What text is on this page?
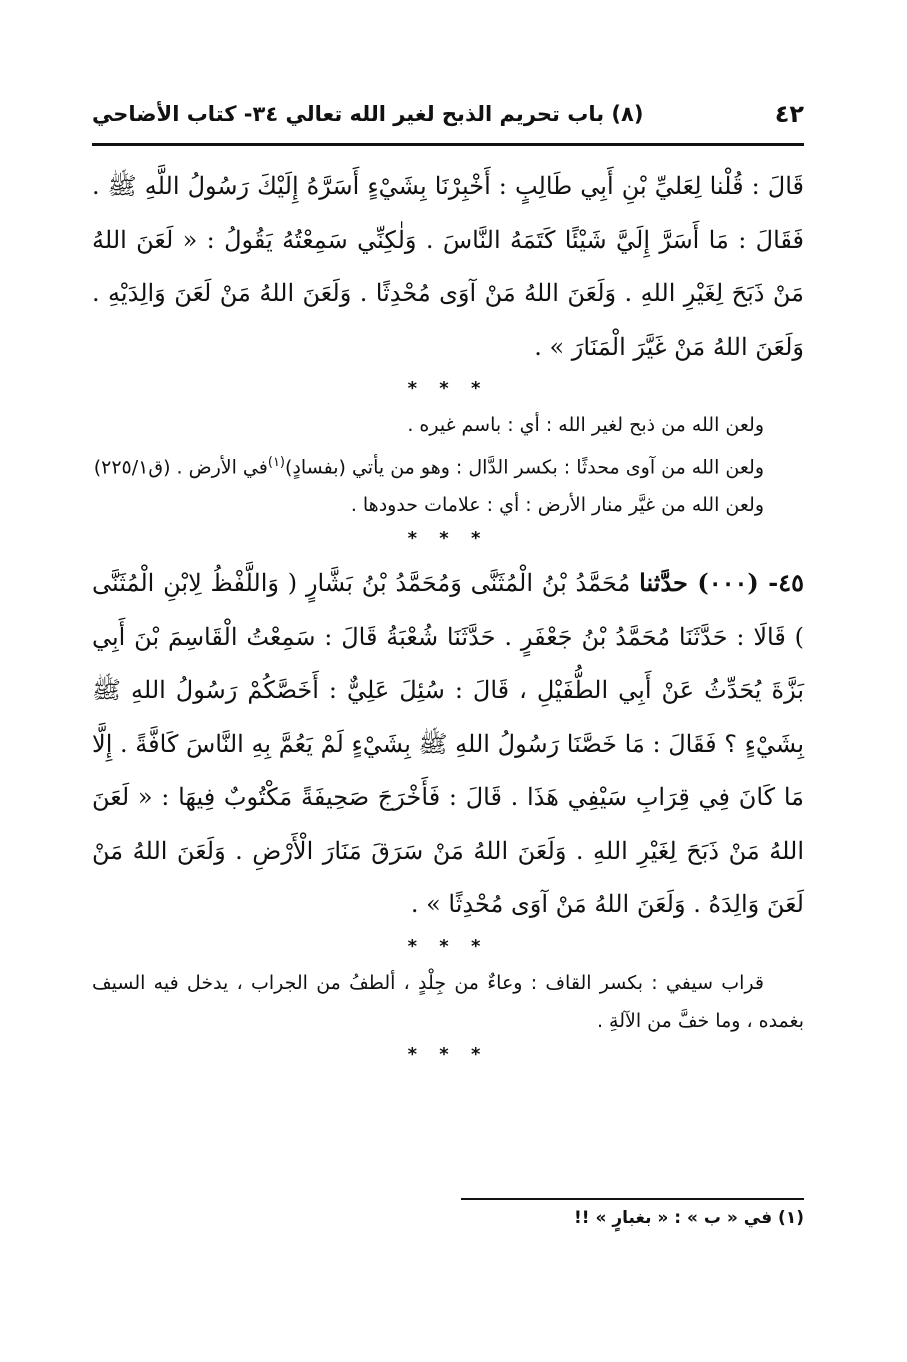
٤٢
(٨) باب تحريم الذبح لغير الله تعالي ٣٤- كتاب الأضاحي

قَالَ : قُلْنا لِعَليِّ بْنِ أَبِي طَالِبٍ : أَخْبِرْنَا بِشَيْءٍ أَسَرَّهُ إِلَيْكَ رَسُولُ اللَّهِ ﷺ . فَقَالَ : مَا أَسَرَّ إِلَيَّ شَيْئًا كَتَمَهُ النَّاسَ . وَلٰكِنِّي سَمِعْتُهُ يَقُولُ : « لَعَنَ اللهُ مَنْ ذَبَحَ لِغَيْرِ اللهِ . وَلَعَنَ اللهُ مَنْ آوَى مُحْدِثًا . وَلَعَنَ اللهُ مَنْ لَعَنَ وَالِدَيْهِ . وَلَعَنَ اللهُ مَنْ غَيَّرَ الْمَنَارَ » .

* * *

ولعن الله من ذبح لغير الله : أي : باسم غيره .

ولعن الله من آوى محدثًا : بكسر الدَّال : وهو من يأتي (بفسادٍ)$^{(١)}$في الأرض . (ق٢٢٥/١)

ولعن الله من غيَّر منار الأرض : أي : علامات حدودها .

* * *

٤٥- (٠٠٠) حدَّثنا مُحَمَّدُ بْنُ الْمُثَنَّى وَمُحَمَّدُ بْنُ بَشَّارٍ ( وَاللَّفْظُ لِابْنِ الْمُثَنَّى ) قَالَا : حَدَّثَنَا مُحَمَّدُ بْنُ جَعْفَرٍ . حَدَّثَنَا شُعْبَةُ قَالَ : سَمِعْتُ الْقَاسِمَ بْنَ أَبِي بَزَّةَ يُحَدِّثُ عَنْ أَبِي الطُّفَيْلِ ، قَالَ : سُئِلَ عَلِيٌّ : أَخَصَّكُمْ رَسُولُ اللهِ ﷺ بِشَيْءٍ ؟ فَقَالَ : مَا خَصَّنَا رَسُولُ اللهِ ﷺ بِشَيْءٍ لَمْ يَعُمَّ بِهِ النَّاسَ كَافَّةً . إِلَّا مَا كَانَ فِي قِرَابِ سَيْفِي هَذَا . قَالَ : فَأَخْرَجَ صَحِيفَةً مَكْتُوبٌ فِيهَا : « لَعَنَ اللهُ مَنْ ذَبَحَ لِغَيْرِ اللهِ . وَلَعَنَ اللهُ مَنْ سَرَقَ مَنَارَ الْأَرْضِ . وَلَعَنَ اللهُ مَنْ لَعَنَ وَالِدَهُ . وَلَعَنَ اللهُ مَنْ آوَى مُحْدِثًا » .

* * *

قراب سيفي : بكسر القاف : وعاءٌ من جِلْدٍ ، ألطفُ من الجراب ، يدخل فيه السيف بغمده ، وما خفَّ من الآلةِ .

* * *
(١) في « ب » : « بغبارٍ » !!
